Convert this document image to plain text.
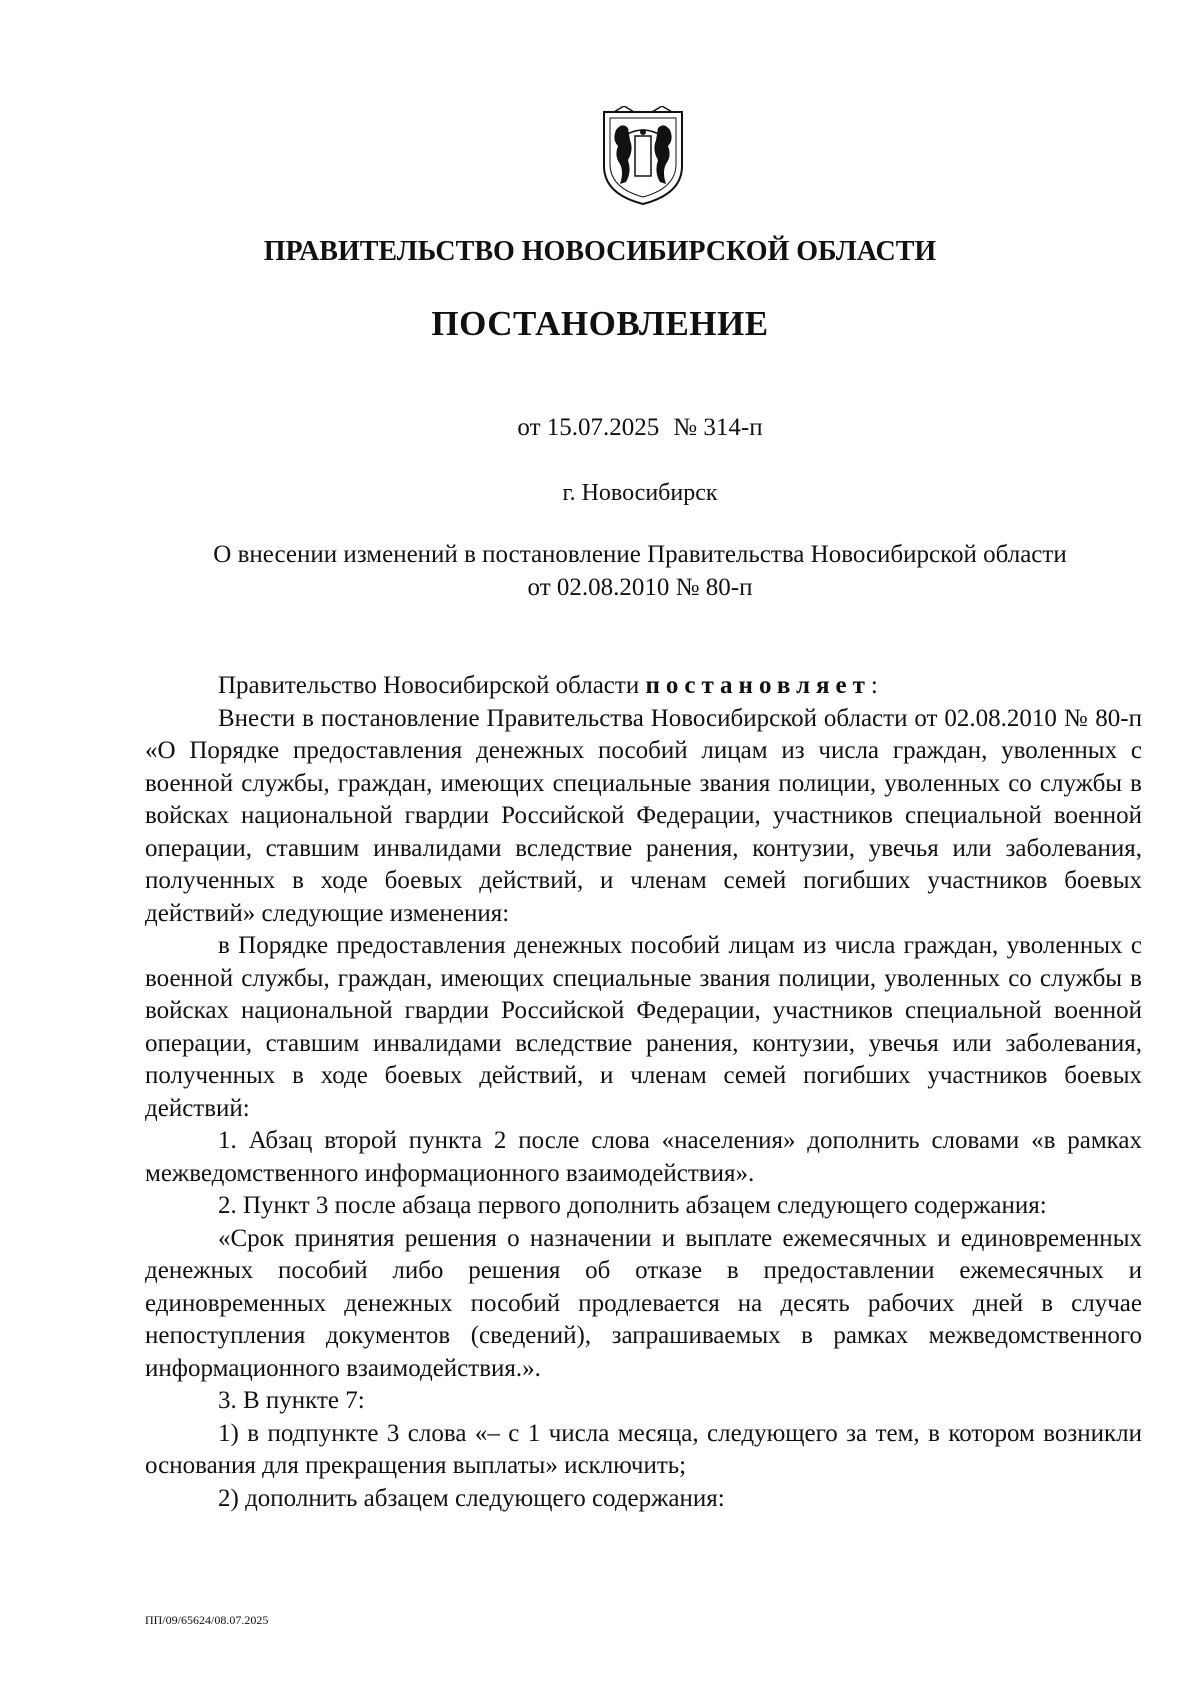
ПРАВИТЕЛЬСТВО НОВОСИБИРСКОЙ ОБЛАСТИ
ПОСТАНОВЛЕНИЕ

от 15.07.2025 № 314-п

г. Новосибирск

О внесении изменений в постановление Правительства Новосибирской области
от 02.08.2010 № 80-п

Правительство Новосибирской области постановляет:

Внести в постановление Правительства Новосибирской области от 02.08.2010 № 80-п «О Порядке предоставления денежных пособий лицам из числа граждан, уволенных с военной службы, граждан, имеющих специальные звания полиции, уволенных со службы в войсках национальной гвардии Российской Федерации, участников специальной военной операции, ставшим инвалидами вследствие ранения, контузии, увечья или заболевания, полученных в ходе боевых действий, и членам семей погибших участников боевых действий» следующие изменения:

в Порядке предоставления денежных пособий лицам из числа граждан, уволенных с военной службы, граждан, имеющих специальные звания полиции, уволенных со службы в войсках национальной гвардии Российской Федерации, участников специальной военной операции, ставшим инвалидами вследствие ранения, контузии, увечья или заболевания, полученных в ходе боевых действий, и членам семей погибших участников боевых действий:

1. Абзац второй пункта 2 после слова «населения» дополнить словами «в рамках межведомственного информационного взаимодействия».

2. Пункт 3 после абзаца первого дополнить абзацем следующего содержания:

«Срок принятия решения о назначении и выплате ежемесячных и единовременных денежных пособий либо решения об отказе в предоставлении ежемесячных и единовременных денежных пособий продлевается на десять рабочих дней в случае непоступления документов (сведений), запрашиваемых в рамках межведомственного информационного взаимодействия.».

3. В пункте 7:

1) в подпункте 3 слова «– с 1 числа месяца, следующего за тем, в котором возникли основания для прекращения выплаты» исключить;

2) дополнить абзацем следующего содержания:

ПП/09/65624/08.07.2025
